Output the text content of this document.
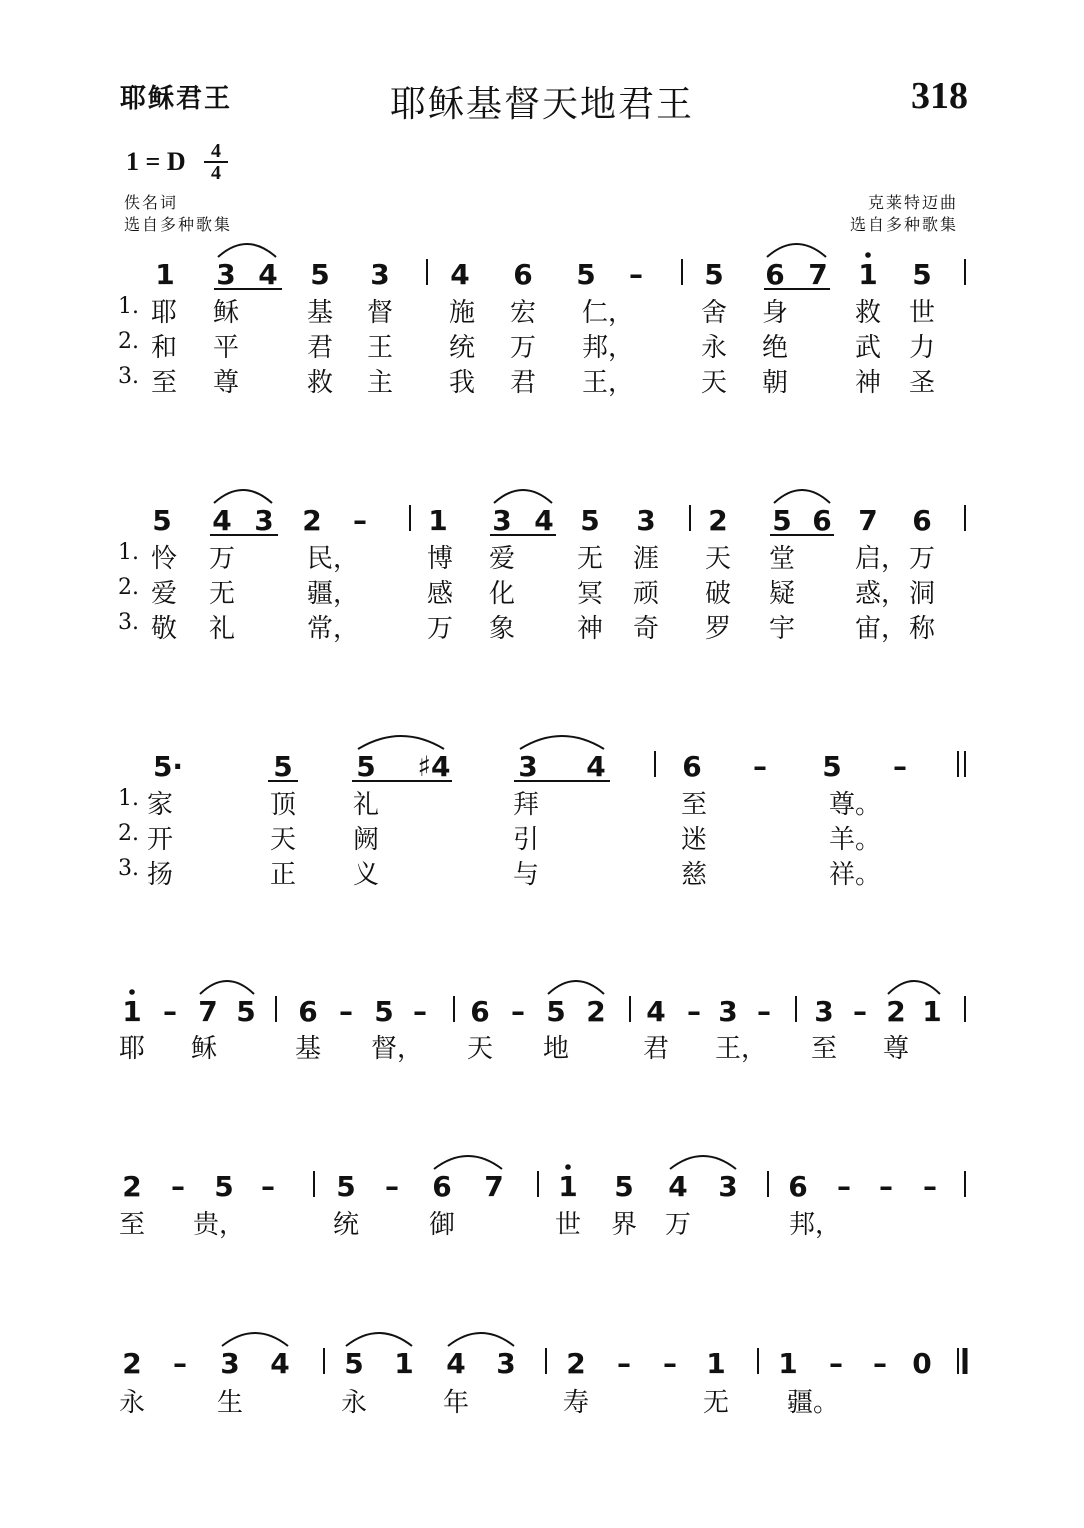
耶稣君王	耶稣基督天地君王	318
1 = D	4
4
佚名词
选自多种歌集
克莱特迈曲
选自多种歌集
1 3 4 5 3 4 6 5 – 5 6 7 1 5
5 4 3 2 – 1 3 4 5 3 2 5 6 7 6
5·	5 5 ♯4 3 4	6 – 5 –
1 – 7 5 6 – 5 – 6 – 5 2 4 – 3 – 3 – 2 1
2 – 5 – 5 – 6 7 1 5 4 3 6 – – –
2 – 3 4 5 1 4 3 2 – – 1 1 – – 0
1. 耶 稣	基 督 施 宏 仁，	舍 身	救 世
2. 和 平	君 王 统 万 邦，	永 绝	武 力
3. 至 尊	救 主 我 君 王，	天 朝	神 圣
1. 怜 万	民，	博 爱 无 涯 天 堂 启， 万
2. 爱 无	疆，	感 化 冥 顽 破 疑 惑， 洞
3. 敬 礼	常，	万 象 神 奇 罗 宇 宙， 称
1. 家	顶 礼	拜	至	尊。
2. 开	天 阙	引	迷	羊。
3. 扬	正 义	与	慈	祥。
耶 稣	基 督， 天 地	君 王， 至 尊
至 贵，	统	御	世 界 万	邦，
永	生	永	年	寿	无 疆。
